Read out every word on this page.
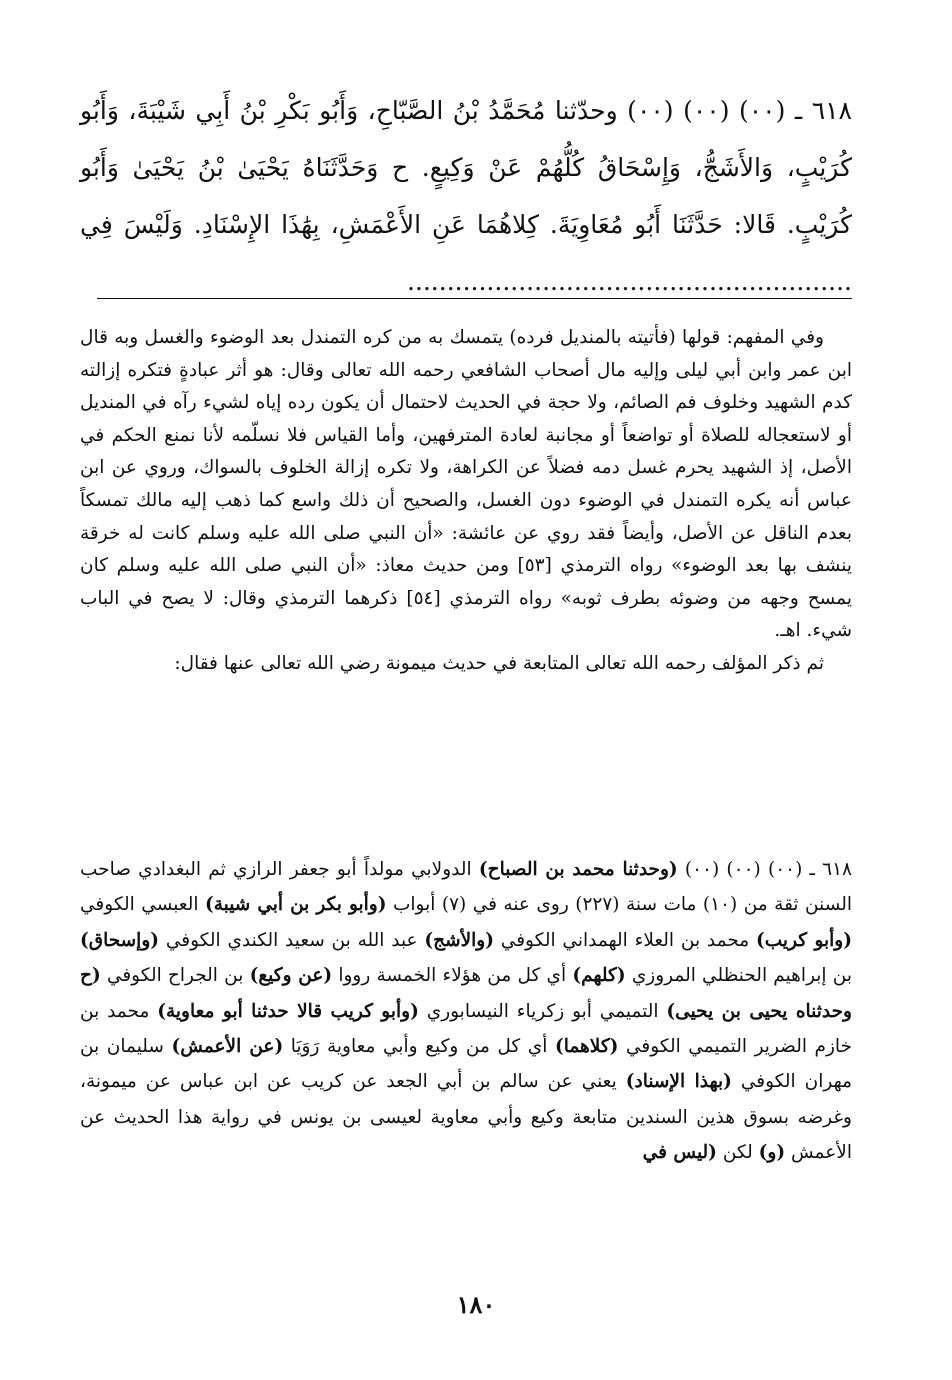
٦١٨ ـ (٠٠) (٠٠) (٠٠) وحدّثنا مُحَمَّدُ بْنُ الصَّبّاحِ، وَأَبُو بَكْرِ بْنُ أَبِي شَيْبَةَ، وَأَبُو كُرَيْبٍ، وَالأَشَجُّ، وَإِسْحَاقُ كُلُّهُمْ عَنْ وَكِيعٍ. ح وَحَدَّثَنَاهُ يَحْيَىٰ بْنُ يَحْيَىٰ وَأَبُو كُرَيْبٍ. قَالا: حَدَّثَنَا أَبُو مُعَاوِيَةَ. كِلاهُمَا عَنِ الأَعْمَشِ، بِهَٰذَا الإِسْنَادِ. وَلَيْسَ فِي ........................................................

وفي المفهم: قولها (فأتيته بالمنديل فرده) يتمسك به من كره التمندل بعد الوضوء والغسل وبه قال ابن عمر وابن أبي ليلى وإليه مال أصحاب الشافعي رحمه الله تعالى وقال: هو أثر عبادةٍ فتكره إزالته كدم الشهيد وخلوف فم الصائم، ولا حجة في الحديث لاحتمال أن يكون رده إياه لشيء رآه في المنديل أو لاستعجاله للصلاة أو تواضعاً أو مجانبة لعادة المترفهين، وأما القياس فلا نسلّمه لأنا نمنع الحكم في الأصل، إذ الشهيد يحرم غسل دمه فضلاً عن الكراهة، ولا تكره إزالة الخلوف بالسواك، وروي عن ابن عباس أنه يكره التمندل في الوضوء دون الغسل، والصحيح أن ذلك واسع كما ذهب إليه مالك تمسكاً بعدم الناقل عن الأصل، وأيضاً فقد روي عن عائشة: «أن النبي صلى الله عليه وسلم كانت له خرقة ينشف بها بعد الوضوء» رواه الترمذي [٥٣] ومن حديث معاذ: «أن النبي صلى الله عليه وسلم كان يمسح وجهه من وضوئه بطرف ثوبه» رواه الترمذي [٥٤] ذكرهما الترمذي وقال: لا يصح في الباب شيء. اهـ.

ثم ذكر المؤلف رحمه الله تعالى المتابعة في حديث ميمونة رضي الله تعالى عنها فقال:

٦١٨ ـ (٠٠) (٠٠) (٠٠) (وحدثنا محمد بن الصباح) الدولابي مولداً أبو جعفر الرازي ثم البغدادي صاحب السنن ثقة من (١٠) مات سنة (٢٢٧) روى عنه في (٧) أبواب (وأبو بكر بن أبي شيبة) العبسي الكوفي (وأبو كريب) محمد بن العلاء الهمداني الكوفي (والأشج) عبد الله بن سعيد الكندي الكوفي (وإسحاق) بن إبراهيم الحنظلي المروزي (كلهم) أي كل من هؤلاء الخمسة رووا (عن وكيع) بن الجراح الكوفي (ح وحدثناه يحيى بن يحيى) التميمي أبو زكرياء النيسابوري (وأبو كريب قالا حدثنا أبو معاوية) محمد بن خازم الضرير التميمي الكوفي (كلاهما) أي كل من وكيع وأبي معاوية رَوَيَا (عن الأعمش) سليمان بن مهران الكوفي (بهذا الإسناد) يعني عن سالم بن أبي الجعد عن كريب عن ابن عباس عن ميمونة، وغرضه بسوق هذين السندين متابعة وكيع وأبي معاوية لعيسى بن يونس في رواية هذا الحديث عن الأعمش (و) لكن (ليس في
١٨٠
